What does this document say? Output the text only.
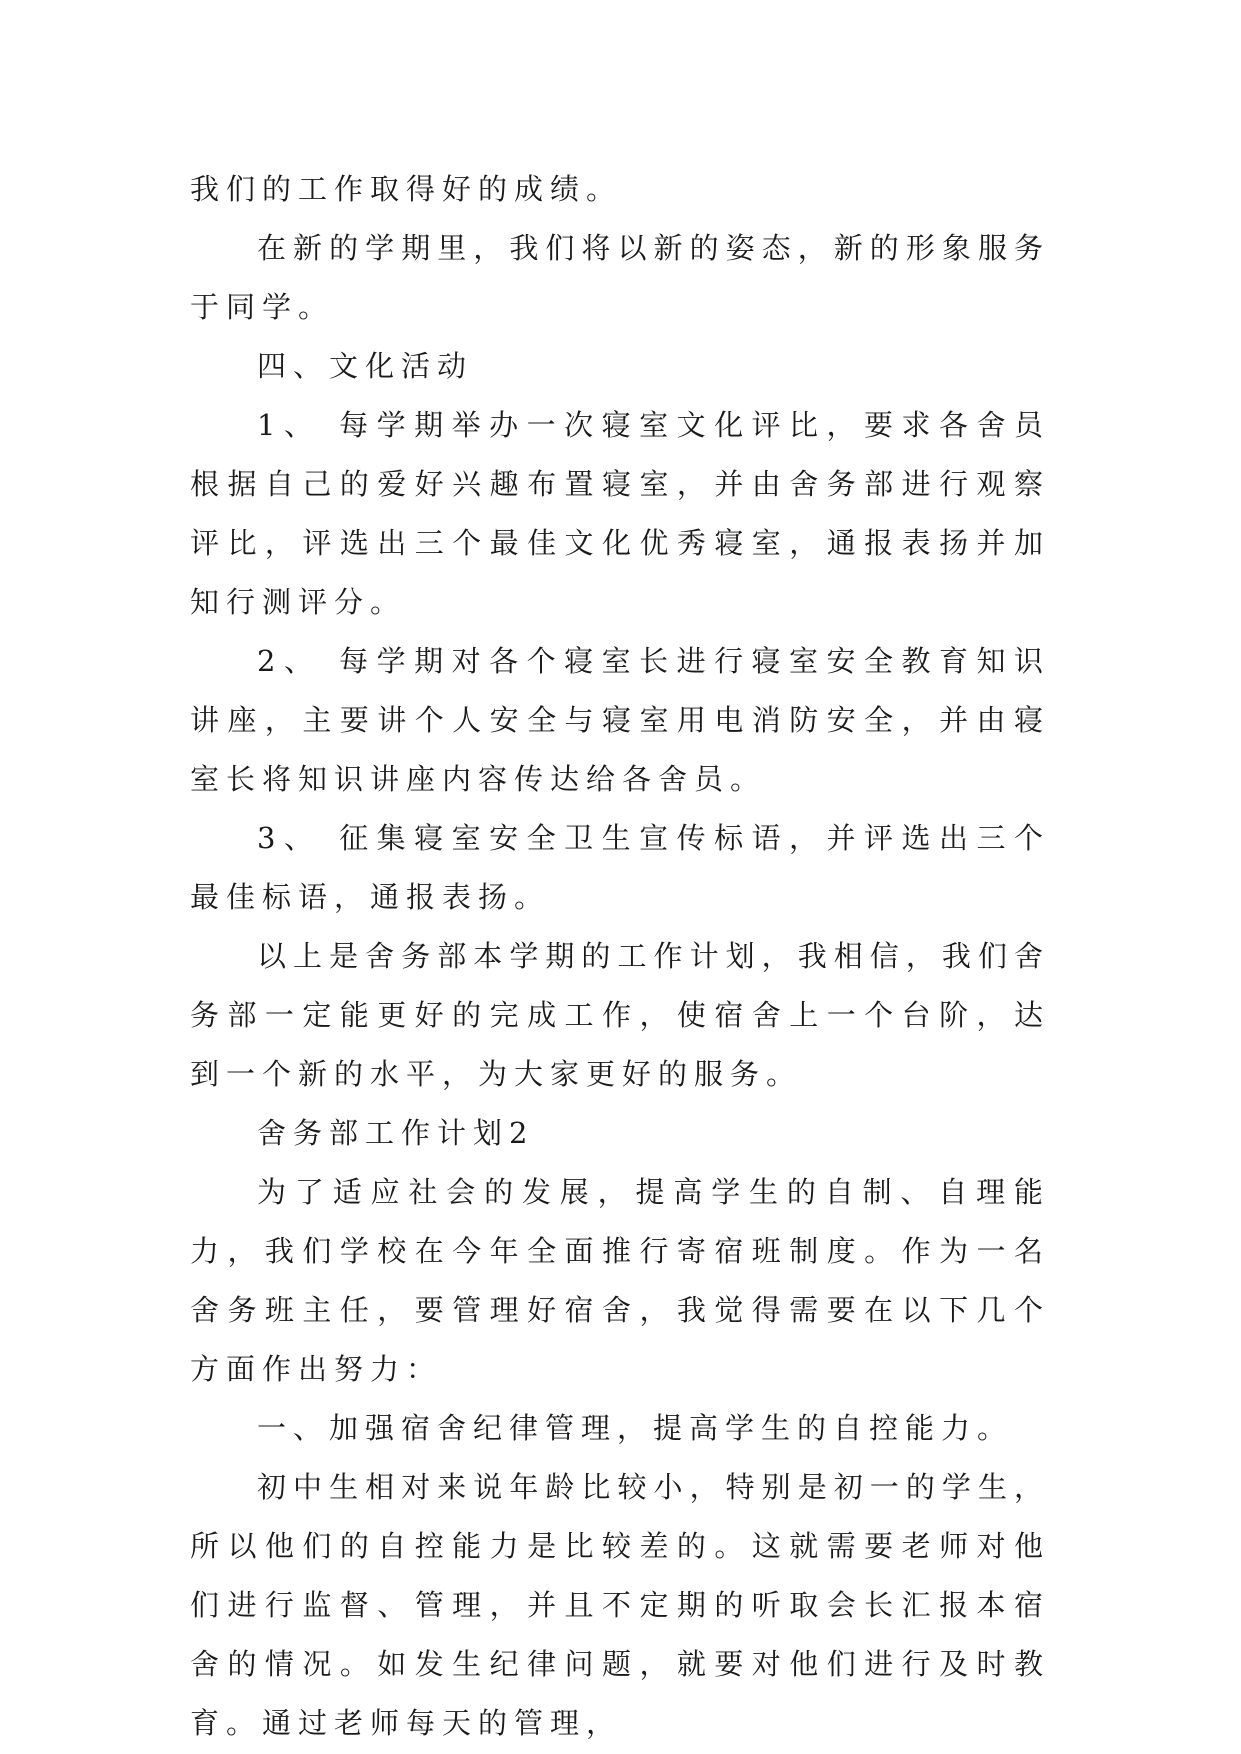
我们的工作取得好的成绩。

在新的学期里，我们将以新的姿态，新的形象服务于同学。

四、文化活动

1、 每学期举办一次寝室文化评比，要求各舍员根据自己的爱好兴趣布置寝室，并由舍务部进行观察评比，评选出三个最佳文化优秀寝室，通报表扬并加知行测评分。

2、 每学期对各个寝室长进行寝室安全教育知识讲座，主要讲个人安全与寝室用电消防安全，并由寝室长将知识讲座内容传达给各舍员。

3、 征集寝室安全卫生宣传标语，并评选出三个最佳标语，通报表扬。

以上是舍务部本学期的工作计划，我相信，我们舍务部一定能更好的完成工作，使宿舍上一个台阶，达到一个新的水平，为大家更好的服务。

舍务部工作计划2

为了适应社会的发展，提高学生的自制、自理能力，我们学校在今年全面推行寄宿班制度。作为一名舍务班主任，要管理好宿舍，我觉得需要在以下几个方面作出努力：

一、加强宿舍纪律管理，提高学生的自控能力。

初中生相对来说年龄比较小，特别是初一的学生，所以他们的自控能力是比较差的。这就需要老师对他们进行监督、管理，并且不定期的听取会长汇报本宿舍的情况。如发生纪律问题，就要对他们进行及时教育。通过老师每天的管理，
